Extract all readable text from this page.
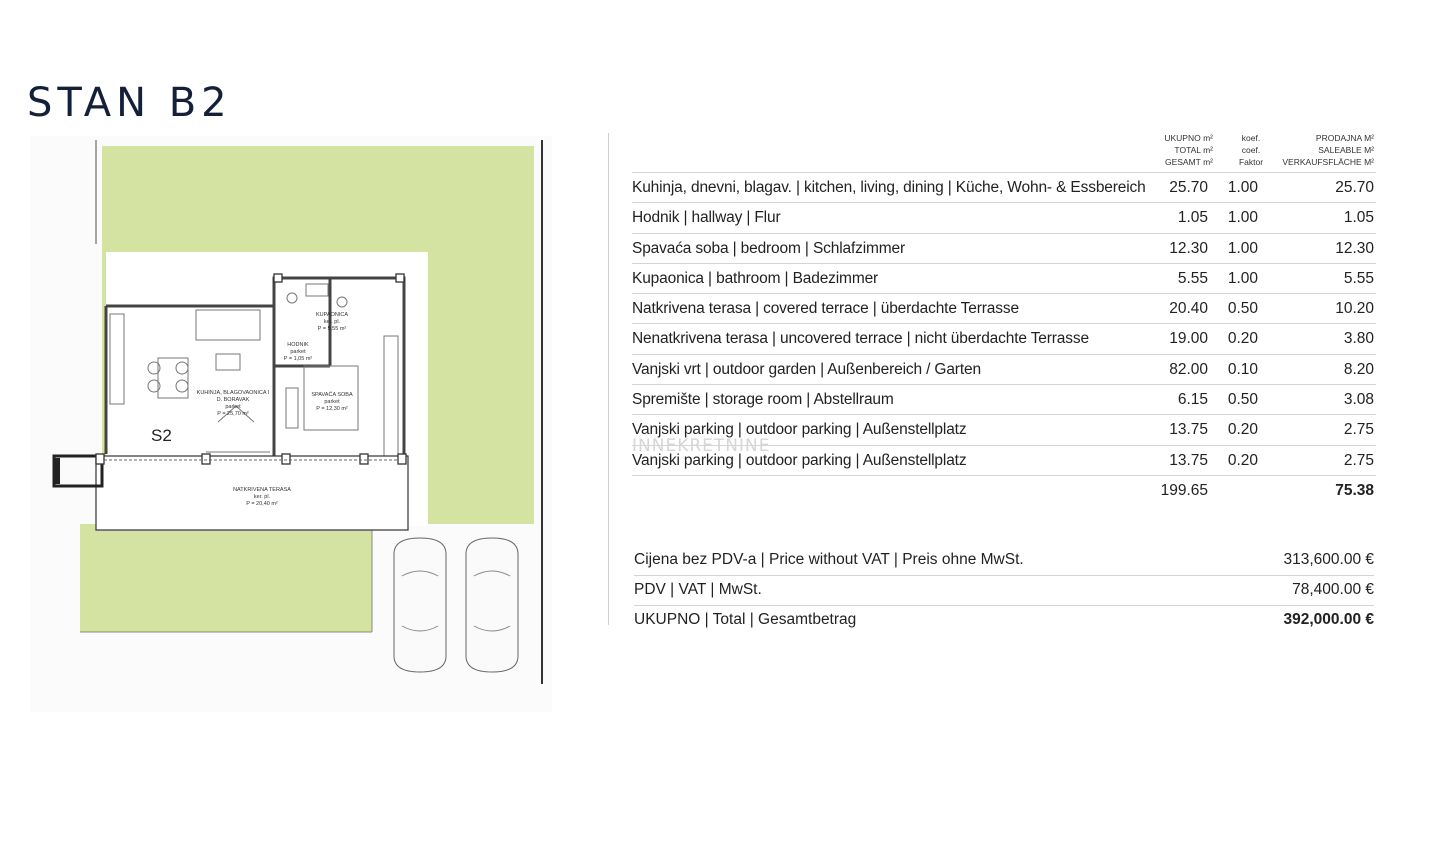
STAN B2
S2
KUHINJA, BLAGOVAONICA I
D. BORAVAK
parket
P = 25,70 m²
KUPAONICA
ker. pl.
P = 5,55 m²
HODNIK
parket
P = 1,05 m²
SPAVAĆA SOBA
parket
P = 12,30 m²
NATKRIVENA TERASA
ker. pl.
P = 20,40 m²
UKUPNO m²
TOTAL m²
GESAMT m²
koef.
coef.
Faktor
PRODAJNA M²
SALEABLE M²
VERKAUFSFLÄCHE M²
Kuhinja, dnevni, blagav. | kitchen, living, dining | Küche, Wohn- & Essbereich 25.70 1.00	25.70
Hodnik | hallway | Flur	1.05 1.00	1.05
Spavaća soba | bedroom | Schlafzimmer	12.30 1.00	12.30
Kupaonica | bathroom | Badezimmer	5.55 1.00	5.55
Natkrivena terasa | covered terrace | überdachte Terrasse	20.40 0.50	10.20
Nenatkrivena terasa | uncovered terrace | nicht überdachte Terrasse	19.00 0.20	3.80
Vanjski vrt | outdoor garden | Außenbereich / Garten	82.00 0.10	8.20
Spremište | storage room | Abstellraum	6.15 0.50	3.08
Vanjski parking | outdoor parking | Außenstellplatz	13.75 0.20	2.75
Vanjski parking | outdoor parking | Außenstellplatz	13.75 0.20	2.75
199.65	75.38
INNEKRETNINE
Cijena bez PDV-a | Price without VAT | Preis ohne MwSt.	313,600.00 €
PDV | VAT | MwSt.	78,400.00 €
UKUPNO | Total | Gesamtbetrag	392,000.00 €
